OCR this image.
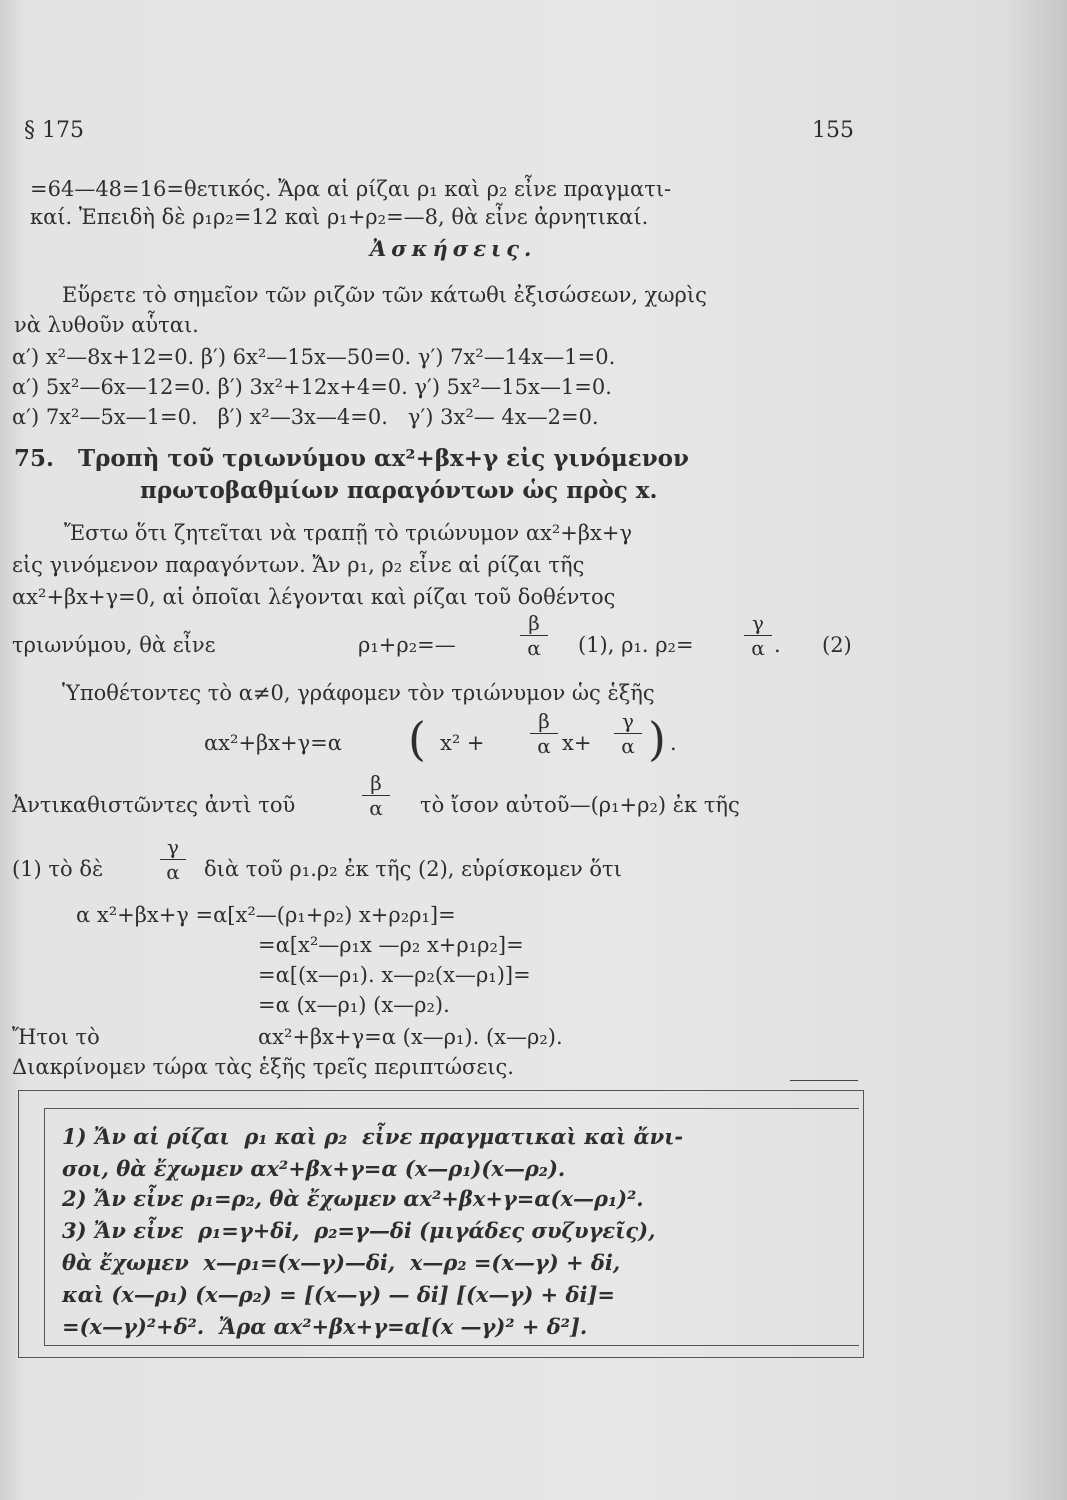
§ 175	155
=64—48=16=θετικός. Ἄρα αἱ ρίζαι ρ₁ καὶ ρ₂ εἶνε πραγματι-
καί. Ἐπειδὴ δὲ ρ₁ρ₂=12 καὶ ρ₁+ρ₂=—8, θὰ εἶνε ἀρνητικαί.
Ἀσκήσεις.
Εὕρετε τὸ σημεῖον τῶν ριζῶν τῶν κάτωθι ἐξισώσεων, χωρὶς
νὰ λυθοῦν αὗται.
α′) x²—8x+12=0. β′) 6x²—15x—50=0. γ′) 7x²—14x—1=0.
α′) 5x²—6x—12=0. β′) 3x²+12x+4=0. γ′) 5x²—15x—1=0.
α′) 7x²—5x—1=0.   β′) x²—3x—4=0.   γ′) 3x²— 4x—2=0.
75. Τροπὴ τοῦ τριωνύμου αx²+βx+γ εἰς γινόμενον
πρωτοβαθμίων παραγόντων ὡς πρὸς x.
Ἔστω ὅτι ζητεῖται νὰ τραπῇ τὸ τριώνυμον αx²+βx+γ
εἰς γινόμενον παραγόντων. Ἄν ρ₁, ρ₂ εἶνε αἱ ρίζαι τῆς
αx²+βx+γ=0, αἱ ὁποῖαι λέγονται καὶ ρίζαι τοῦ δοθέντος
τριωνύμου, θὰ εἶνε	ρ₁+ρ₂=—
β
α	(1), ρ₁. ρ₂=
γ
α . (2)
Ὑποθέτοντες τὸ α≠0, γράφομεν τὸν τριώνυμον ὡς ἑξῆς
αx²+βx+γ=α ( x² +
β
α x+
γ
α ) .
Ἀντικαθιστῶντες ἀντὶ τοῦ
β
α	τὸ ἴσον αὐτοῦ—(ρ₁+ρ₂) ἐκ τῆς
(1) τὸ δὲ
γ
α διὰ τοῦ ρ₁.ρ₂ ἐκ τῆς (2), εὑρίσκομεν ὅτι
α x²+βx+γ =α[x²—(ρ₁+ρ₂) x+ρ₂ρ₁]=
=α[x²—ρ₁x —ρ₂ x+ρ₁ρ₂]=
=α[(x—ρ₁). x—ρ₂(x—ρ₁)]=
=α (x—ρ₁) (x—ρ₂).
Ἤτοι τὸ	αx²+βx+γ=α (x—ρ₁). (x—ρ₂).
Διακρίνομεν τώρα τὰς ἑξῆς τρεῖς περιπτώσεις.
1) Ἄν αἱ ρίζαι  ρ₁ καὶ ρ₂  εἶνε πραγματικαὶ καὶ ἄνι-
σοι, θὰ ἔχωμεν αx²+βx+γ=α (x—ρ₁)(x—ρ₂).
2) Ἄν εἶνε ρ₁=ρ₂, θὰ ἔχωμεν αx²+βx+γ=α(x—ρ₁)².
3) Ἄν εἶνε  ρ₁=γ+δi,  ρ₂=γ—δi (μιγάδες συζυγεῖς),
θὰ ἔχωμεν  x—ρ₁=(x—γ)—δi,  x—ρ₂ =(x—γ) + δi,
καὶ (x—ρ₁) (x—ρ₂) = [(x—γ) — δi] [(x—γ) + δi]=
=(x—γ)²+δ².  Ἄρα αx²+βx+γ=α[(x —γ)² + δ²].
